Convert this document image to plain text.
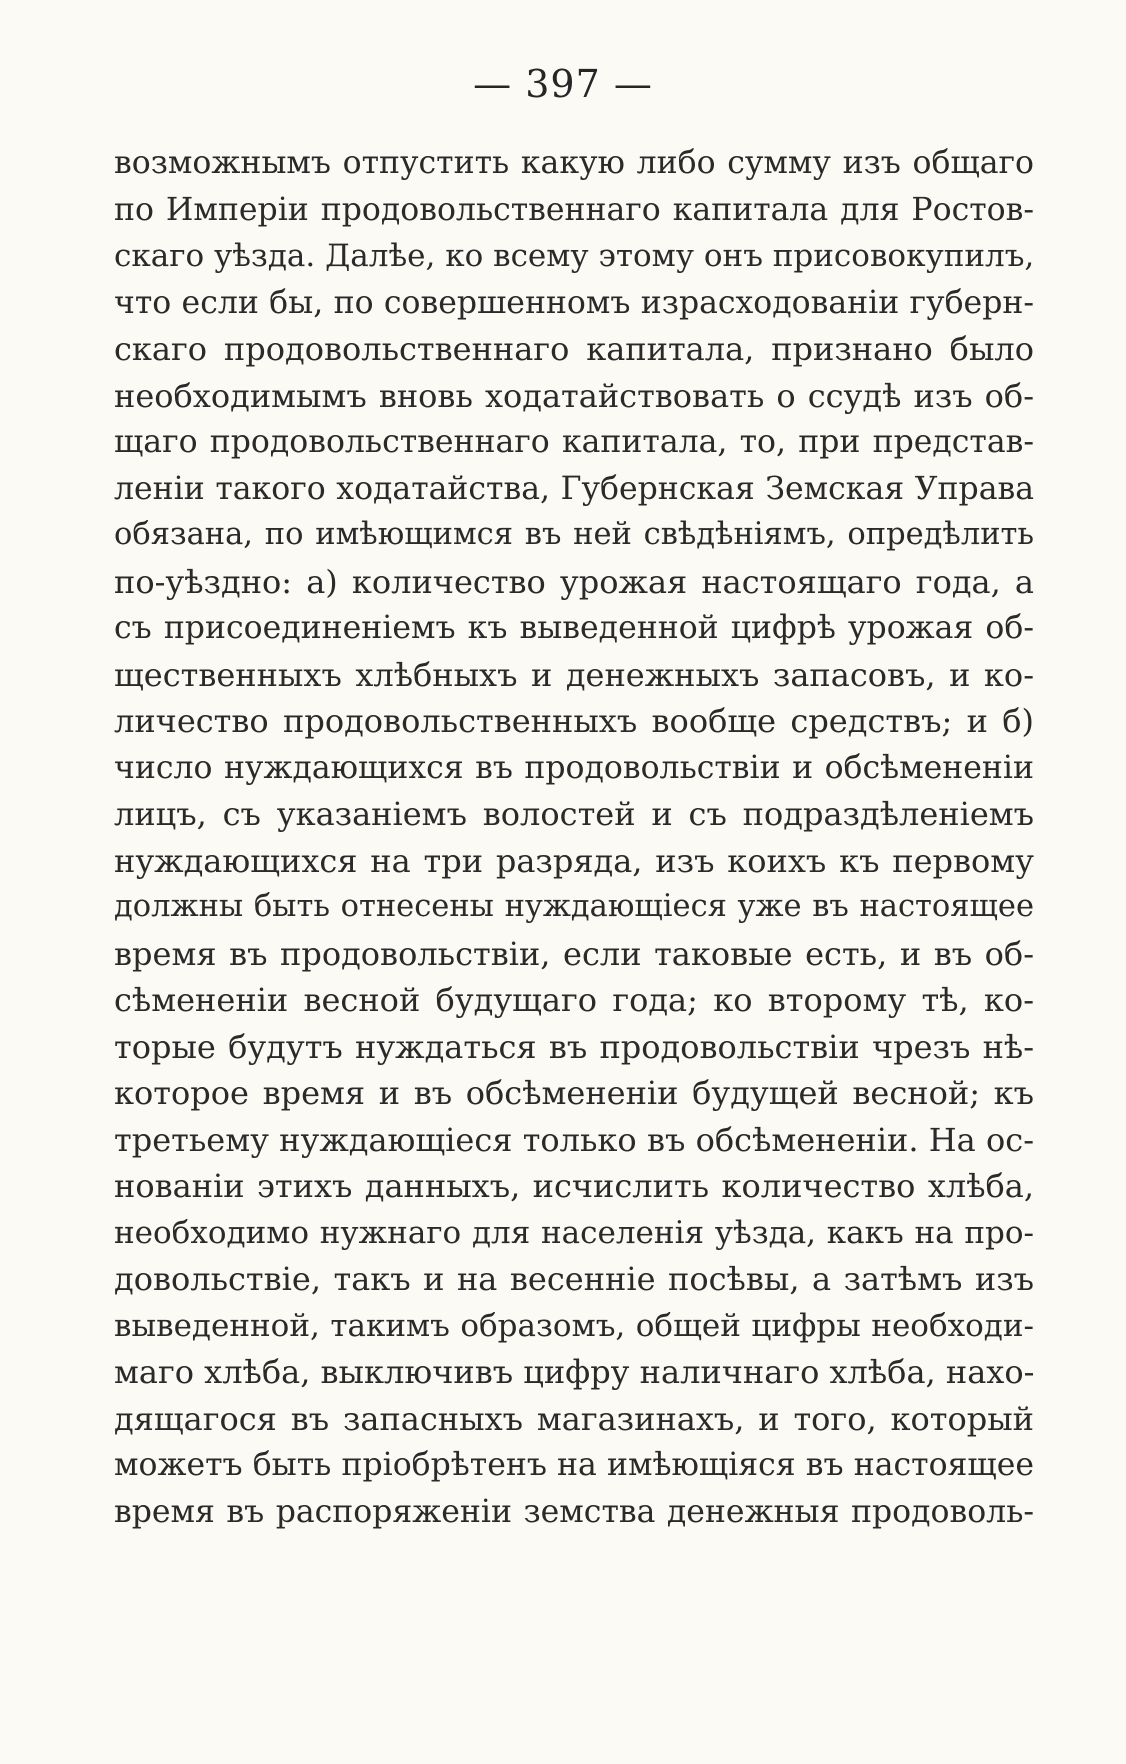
— 397 —
возможнымъ отпустить какую либо сумму изъ общаго
по Имперіи продовольственнаго капитала для Ростов-
скаго уѣзда. Далѣе, ко всему этому онъ присовокупилъ,
что если бы, по совершенномъ израсходованіи губерн-
скаго продовольственнаго капитала, признано было
необходимымъ вновь ходатайствовать о ссудѣ изъ об-
щаго продовольственнаго капитала, то, при представ-
леніи такого ходатайства, Губернская Земская Управа
обязана, по имѣющимся въ ней свѣдѣніямъ, опредѣлить
по-уѣздно: а) количество урожая настоящаго года, а
съ присоединеніемъ къ выведенной цифрѣ урожая об-
щественныхъ хлѣбныхъ и денежныхъ запасовъ, и ко-
личество продовольственныхъ вообще средствъ; и б)
число нуждающихся въ продовольствіи и обсѣмененіи
лицъ, съ указаніемъ волостей и съ подраздѣленіемъ
нуждающихся на три разряда, изъ коихъ къ первому
должны быть отнесены нуждающіеся уже въ настоящее
время въ продовольствіи, если таковые есть, и въ об-
сѣмененіи весной будущаго года; ко второму тѣ, ко-
торые будутъ нуждаться въ продовольствіи чрезъ нѣ-
которое время и въ обсѣмененіи будущей весной; къ
третьему нуждающіеся только въ обсѣмененіи. На ос-
нованіи этихъ данныхъ, исчислить количество хлѣба,
необходимо нужнаго для населенія уѣзда, какъ на про-
довольствіе, такъ и на весенніе посѣвы, а затѣмъ изъ
выведенной, такимъ образомъ, общей цифры необходи-
маго хлѣба, выключивъ цифру наличнаго хлѣба, нахо-
дящагося въ запасныхъ магазинахъ, и того, который
можетъ быть пріобрѣтенъ на имѣющіяся въ настоящее
время въ распоряженіи земства денежныя продоволь-
